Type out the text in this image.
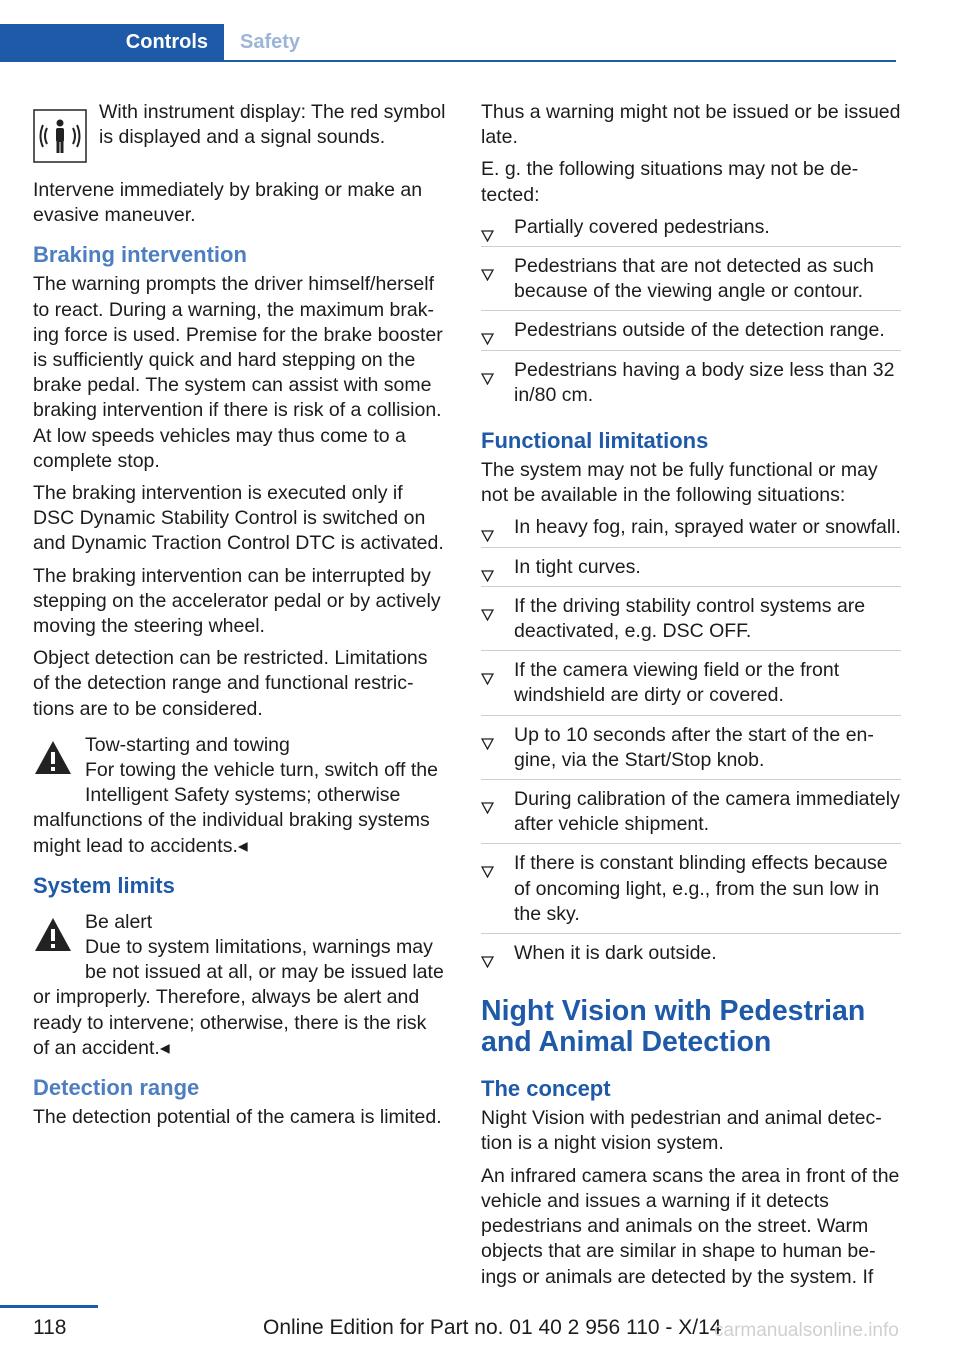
Controls Safety
With instrument display: The red symbol is displayed and a signal sounds.

Intervene immediately by braking or make an evasive maneuver.

Braking intervention

The warning prompts the driver himself/herself to react. During a warning, the maximum braking force is used. Premise for the brake booster is sufficiently quick and hard stepping on the brake pedal. The system can assist with some braking intervention if there is risk of a collision. At low speeds vehicles may thus come to a complete stop.

The braking intervention is executed only if DSC Dynamic Stability Control is switched on and Dynamic Traction Control DTC is activated.

The braking intervention can be interrupted by stepping on the accelerator pedal or by actively moving the steering wheel.

Object detection can be restricted. Limitations of the detection range and functional restrictions are to be considered.

Tow-starting and towing

For towing the vehicle turn, switch off the Intelligent Safety systems; otherwise malfunctions of the individual braking systems might lead to accidents.◂

System limits

Be alert

Due to system limitations, warnings may be not issued at all, or may be issued late or improperly. Therefore, always be alert and ready to intervene; otherwise, there is the risk of an accident.◂

Detection range

The detection potential of the camera is limited.

Thus a warning might not be issued or be issued late.

E. g. the following situations may not be detected:

Partially covered pedestrians.
Pedestrians that are not detected as such because of the viewing angle or contour.
Pedestrians outside of the detection range.
Pedestrians having a body size less than 32 in/80 cm.
Functional limitations

The system may not be fully functional or may not be available in the following situations:

In heavy fog, rain, sprayed water or snowfall.
In tight curves.
If the driving stability control systems are deactivated, e.g. DSC OFF.
If the camera viewing field or the front windshield are dirty or covered.
Up to 10 seconds after the start of the engine, via the Start/Stop knob.
During calibration of the camera immediately after vehicle shipment.
If there is constant blinding effects because of oncoming light, e.g., from the sun low in the sky.
When it is dark outside.
Night Vision with Pedestrian and Animal Detection
The concept

Night Vision with pedestrian and animal detection is a night vision system.

An infrared camera scans the area in front of the vehicle and issues a warning if it detects pedestrians and animals on the street. Warm objects that are similar in shape to human beings or animals are detected by the system. If

118	Online Edition for Part no. 01 40 2 956 110 - X/14
carmanualsonline.info
